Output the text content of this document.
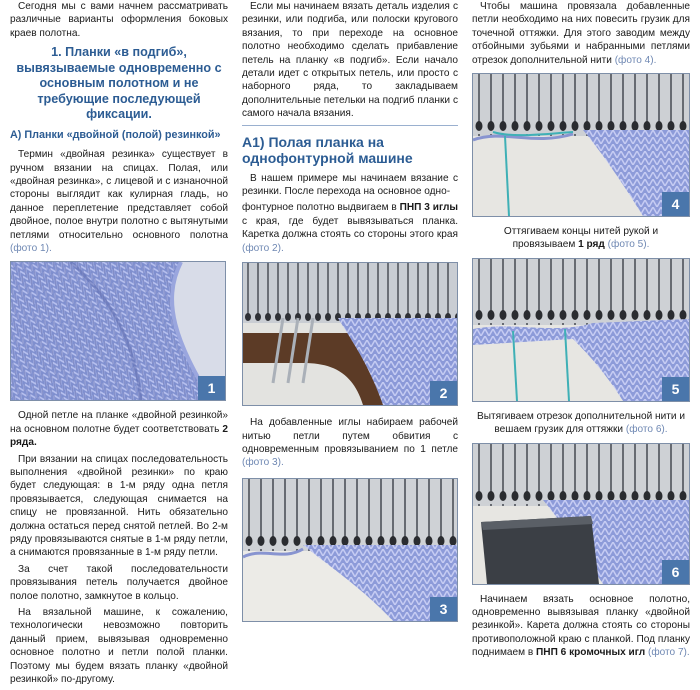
Сегодня мы с вами начнем рассматривать различные варианты оформления боковых краев полотна.

1. Планки «в подгиб», вывязываемые одновременно с основным полотном и не требующие последующей фиксации.
А) Планки «двойной (полой) резинкой»

Термин «двойная резинка» существует в ручном вязании на спицах. Полая, или «двойная резинка», с лицевой и с изнаночной стороны выглядит как кулирная гладь, но данное переплетение представляет собой двойное, полое внутри полотно с вытянутыми петлями относительно основного полотна (фото 1).

1

Одной петле на планке «двойной резинкой» на основном полотне будет соответствовать 2 ряда.

При вязании на спицах последовательность выполнения «двойной резинки» по краю будет следующая: в 1-м ряду одна петля провязывается, следующая снимается на спицу не провязанной. Нить обязательно должна остаться перед снятой петлей. Во 2-м ряду провязываются снятые в 1-м ряду петли, а снимаются провязанные в 1-м ряду петли.

За счет такой последовательности провязывания петель получается двойное полое полотно, замкнутое в кольцо.

На вязальной машине, к сожалению, технологически невозможно повторить данный прием, вывязывая одновременно основное полотно и петли полой планки. Поэтому мы будем вязать планку «двойной резинкой» по-другому.

Если мы начинаем вязать деталь изделия с резинки, или подгиба, или полоски кругового вязания, то при переходе на основное полотно необходимо сделать прибавление петель на планку «в подгиб». Если начало детали идет с открытых петель, или просто с наборного ряда, то закладываем дополнительные петельки на подгиб планки с самого начала вязания.

А1) Полая планка на однофонтурной машине

В нашем примере мы начинаем вязание с резинки. После перехода на основное одно-

фонтурное полотно выдвигаем в ПНП 3 иглы с края, где будет вывязываться планка. Каретка должна стоять со стороны этого края (фото 2).

2

На добавленные иглы набираем рабочей нитью петли путем обвития с одновременным провязыванием по 1 петле (фото 3).

3

Чтобы машина провязала добавленные петли необходимо на них повесить грузик для точечной оттяжки. Для этого заводим между отбойными зубьями и набранными петлями отрезок дополнительной нити (фото 4).

4

Оттягиваем концы нитей рукой и провязываем 1 ряд (фото 5).

5

Вытягиваем отрезок дополнительной нити и вешаем грузик для оттяжки (фото 6).

6

Начинаем вязать основное полотно, одновременно вывязывая планку «двойной резинкой». Карета должна стоять со стороны противоположной краю с планкой. Под планку поднимаем в ПНП 6 кромочных игл (фото 7).
